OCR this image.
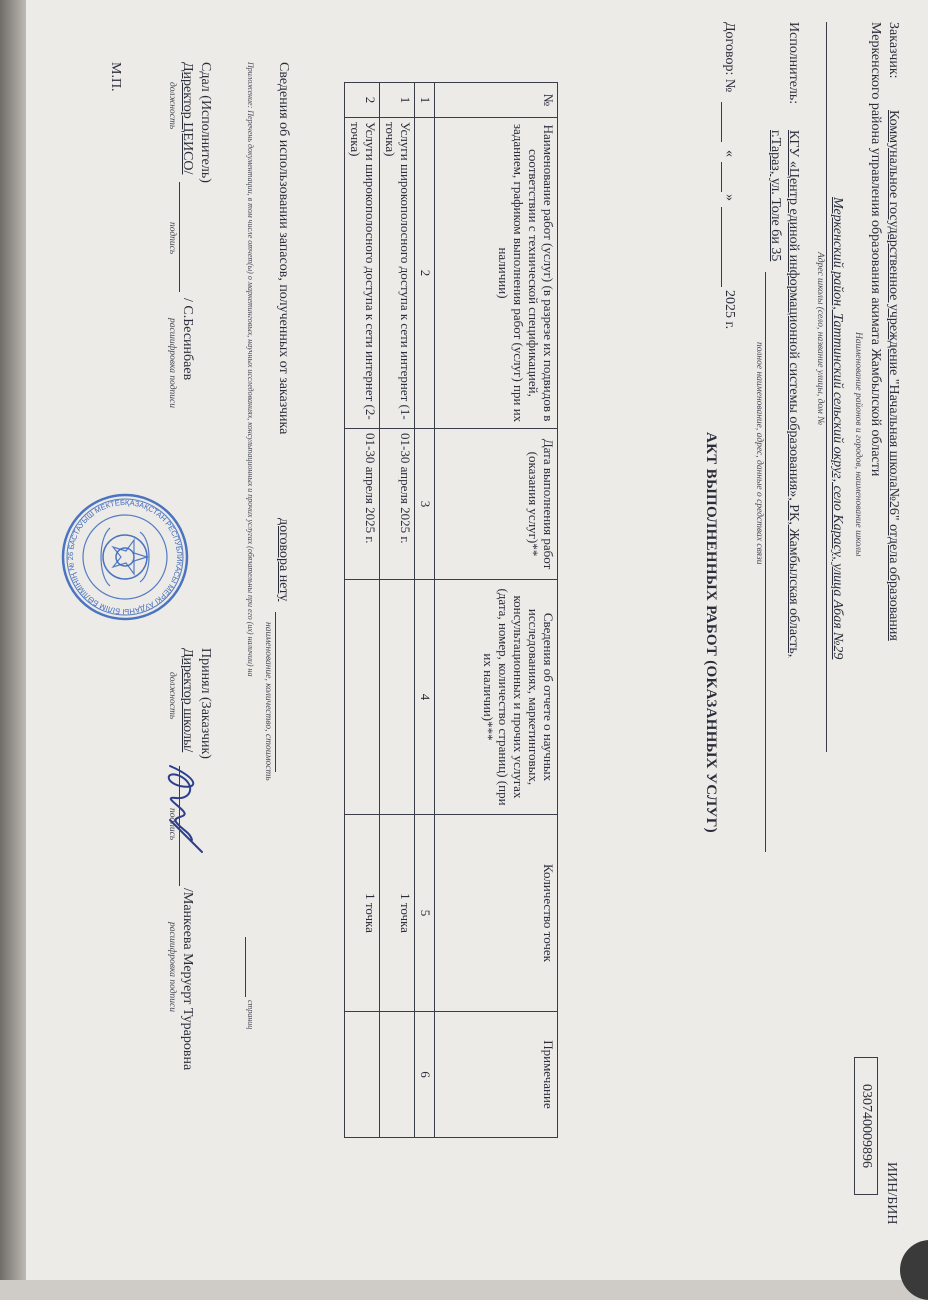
Заказчик:
Коммунальное государственное учреждение "Начальная школа№26" отдела образования
Меркенского района управления образования акимата Жамбылской области
Наименование районов и городов, наименование школы
Меркенский район, Таттинский сельский округ, село Карасу, улица Абая №29
Адрес школы (село, название улицы, дом №
ИИН/БИН
030740009896
Исполнитель:
КГУ «Центр единой информационной системы образования», РК, Жамбылская область,
г.Тараз, ул. Толе би 35
полное наименование, адрес, данные о средствах связи
Договор: №
«
»
2025 г.
АКТ ВЫПОЛНЕННЫХ РАБОТ (ОКАЗАННЫХ УСЛУГ)
№	Наименование работ (услуг) (в разрезе их подвидов в соответствии с технической спецификацией, заданием, графиком выполнения работ (услуг) при их наличии)	Дата выполнения работ (оказания услуг)**	Сведения об отчете о научных исследованиях, маркетинговых, консультационных и прочих услугах (дата, номер, количество страниц) (при их наличии)***	Количество точек	Примечание
1	2	3	4	5	6
1	Услуги широкополосного доступа к сети интернет (1-точка)	01-30 апреля 2025 г.		1 точка	
2	Услуги широкополосного доступа к сети интернет (2-точка)	01-30 апреля 2025 г.		1 точка	
Сведения об использовании запасов, полученных от заказчика
договора нету
наименование, количество, стоимость
Приложение: Перечень документации, в том числе отчет(ы) о маркетинговых, научных исследованиях, консультационных и прочих услугах (обязательны при его (их) наличии) на
страниц
Сдал (Исполнитель)
Директор ЦЕИСО/
/ С.Бесинбаев
должность
подпись
расшифровка подписи
М.П.
Принял (Заказчик)
Директор школы/
/Манкеева Меруерт Турaровна
должность
подпись
расшифровка подписи
ҚАЗАҚСТАН РЕСПУБЛИКАСЫ МЕРКІ АУДАНЫ БІЛІМ БӨЛІМІНІҢ № 26 БАСТАУЫШ МЕКТЕБ
